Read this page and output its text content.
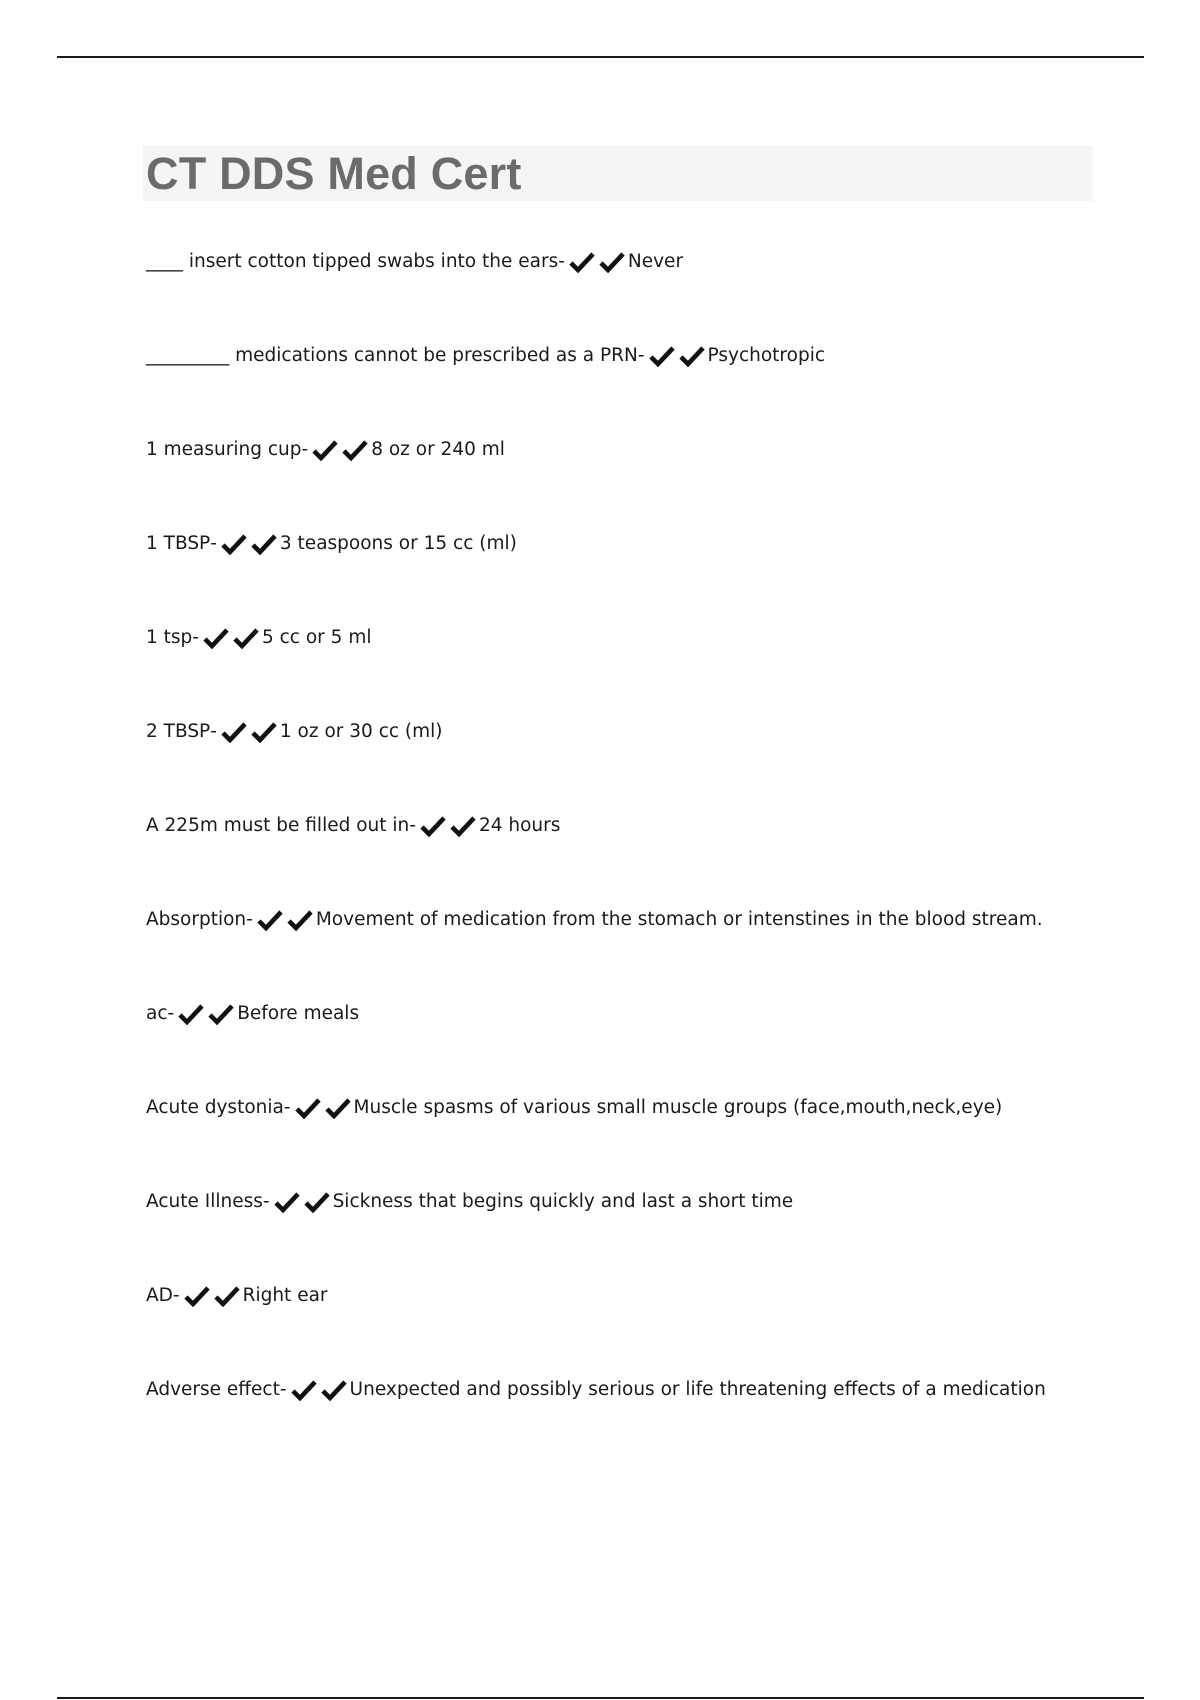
CT DDS Med Cert
____ insert cotton tipped swabs into the ears -	Never
_________ medications cannot be prescribed as a PRN -	Psychotropic
1 measuring cup -	8 oz or 240 ml
1 TBSP -	3 teaspoons or 15 cc (ml)
1 tsp -	5 cc or 5 ml
2 TBSP -	1 oz or 30 cc (ml)
A 225m must be filled out in -	24 hours
Absorption -	Movement of medication from the stomach or intenstines in the blood stream.
ac -	Before meals
Acute dystonia -	Muscle spasms of various small muscle groups (face,mouth,neck,eye)
Acute Illness -	Sickness that begins quickly and last a short time
AD -	Right ear
Adverse effect -	Unexpected and possibly serious or life threatening effects of a medication
